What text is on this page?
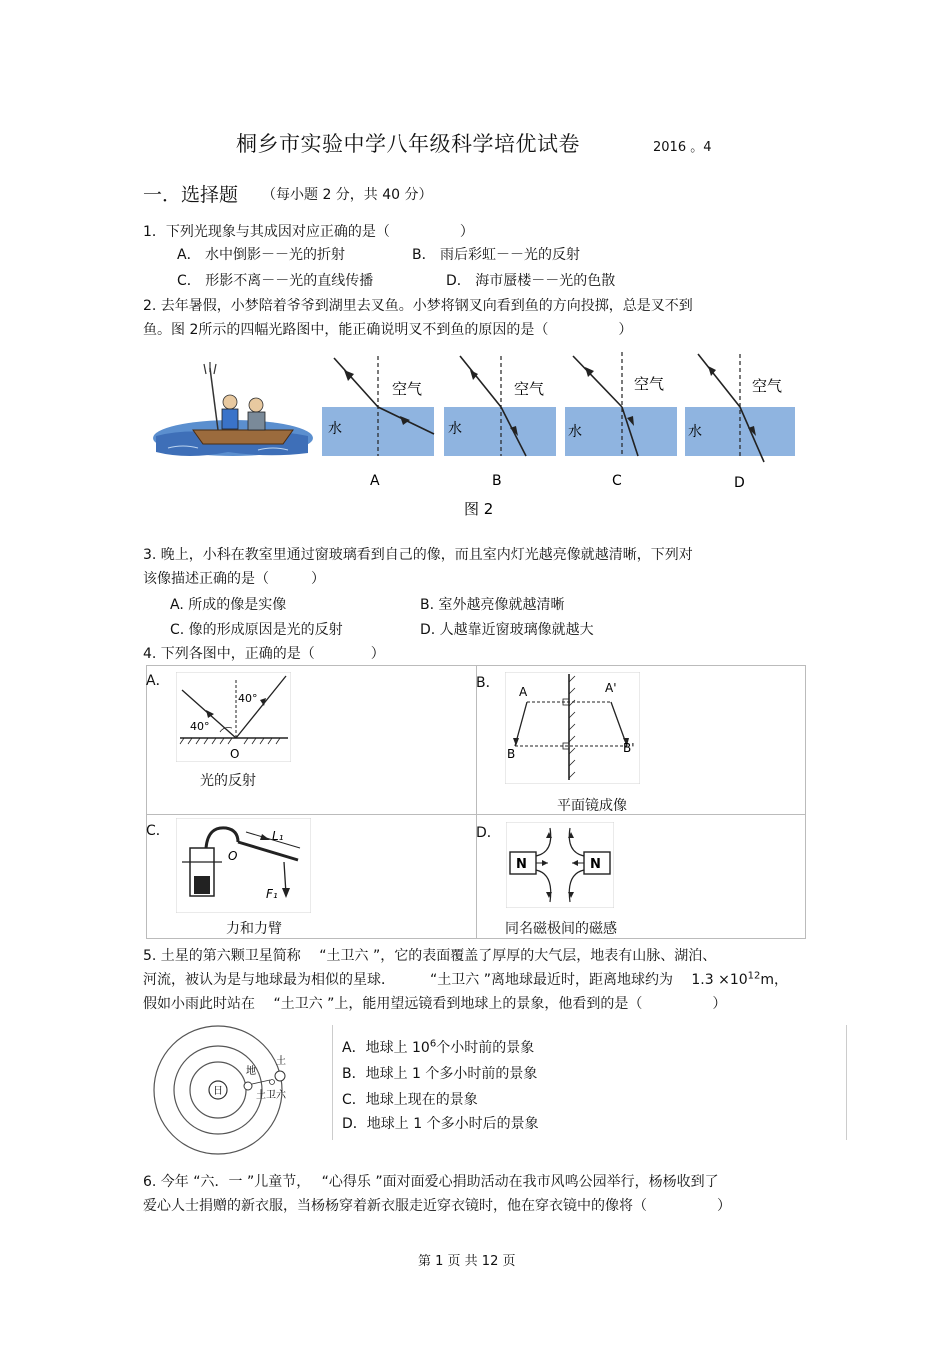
桐乡市实验中学八年级科学培优试卷	2016 。4
一．选择题 （每小题 2 分，共 40 分）
1．下列光现象与其成因对应正确的是（　　　　　）
A． 水中倒影－－光的折射	B． 雨后彩虹－－光的反射
C． 形影不离－－光的直线传播	D． 海市蜃楼－－光的色散
2. 去年暑假，小梦陪着爷爷到湖里去叉鱼。小梦将钢叉向看到鱼的方向投掷，总是叉不到
鱼。图 2所示的四幅光路图中，能正确说明叉不到鱼的原因的是（　　　　　）
空气
水
A
空气
水
B
空气
水
C
空气
水
D
图 2
3. 晚上，小科在教室里通过窗玻璃看到自己的像，而且室内灯光越亮像就越清晰，下列对
该像描述正确的是（　　　）
A. 所成的像是实像	B. 室外越亮像就越清晰
C. 像的形成原因是光的反射	D. 人越靠近窗玻璃像就越大
4. 下列各图中，正确的是（　　　　）
A．
40°
40°
O
光的反射
B．
A	A'
B	B'
平面镜成像
C．
O
L₁
F₁
力和力臂
D．
N	N
同名磁极间的磁感
5. 土星的第六颗卫星简称　 “土卫六 ”，它的表面覆盖了厚厚的大气层，地表有山脉、湖泊、
河流，被认为是与地球最为相似的星球．　　　“土卫六 ”离地球最近时，距离地球约为　 $1.3 \times 10^{12}m$，
假如小雨此时站在　 “土卫六 ”上，能用望远镜看到地球上的景象，他看到的是（　　　　　）
日
地
土
土卫六
A．地球上 $10^6$个小时前的景象
B．地球上 1 个多小时前的景象
C．地球上现在的景象
D．地球上 1 个多小时后的景象
6. 今年 “六．一 ”儿童节，　 “心得乐 ”面对面爱心捐助活动在我市风鸣公园举行，杨杨收到了
爱心人士捐赠的新衣服，当杨杨穿着新衣服走近穿衣镜时，他在穿衣镜中的像将（　　　　　）
第 1 页 共 12 页
